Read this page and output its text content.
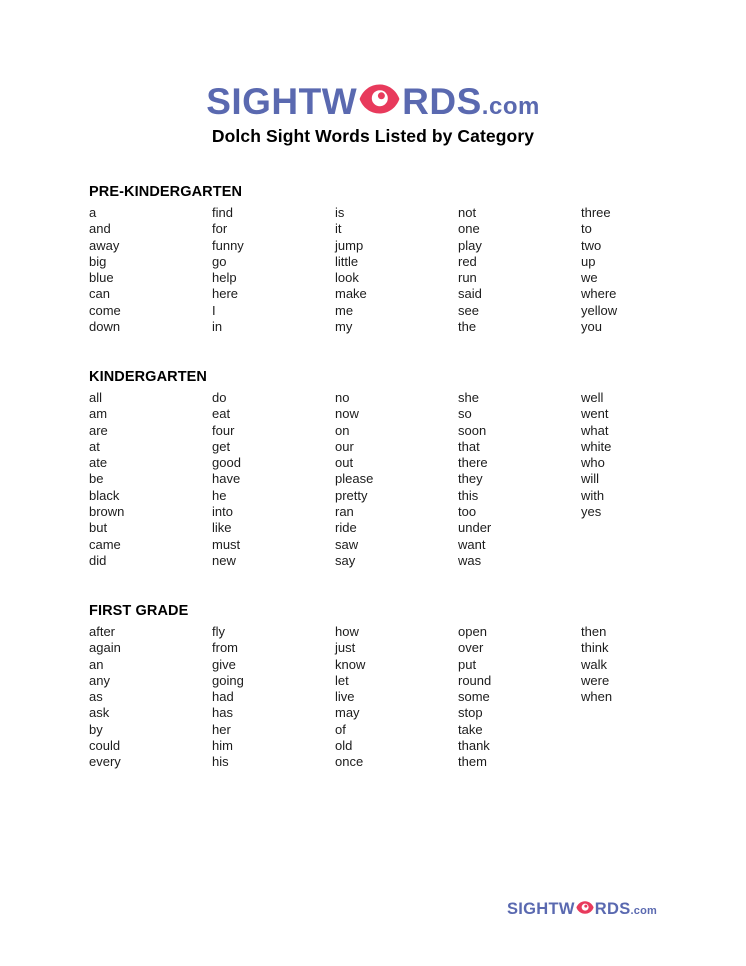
SIGHTW RDS .com
Dolch Sight Words Listed by Category
PRE-KINDERGARTEN
a
and
away
big
blue
can
come
down
find
for
funny
go
help
here
I
in
is
it
jump
little
look
make
me
my
not
one
play
red
run
said
see
the
three
to
two
up
we
where
yellow
you
KINDERGARTEN
all
am
are
at
ate
be
black
brown
but
came
did
do
eat
four
get
good
have
he
into
like
must
new
no
now
on
our
out
please
pretty
ran
ride
saw
say
she
so
soon
that
there
they
this
too
under
want
was
well
went
what
white
who
will
with
yes
FIRST GRADE
after
again
an
any
as
ask
by
could
every
fly
from
give
going
had
has
her
him
his
how
just
know
let
live
may
of
old
once
open
over
put
round
some
stop
take
thank
them
then
think
walk
were
when
SIGHTW RDS .com
